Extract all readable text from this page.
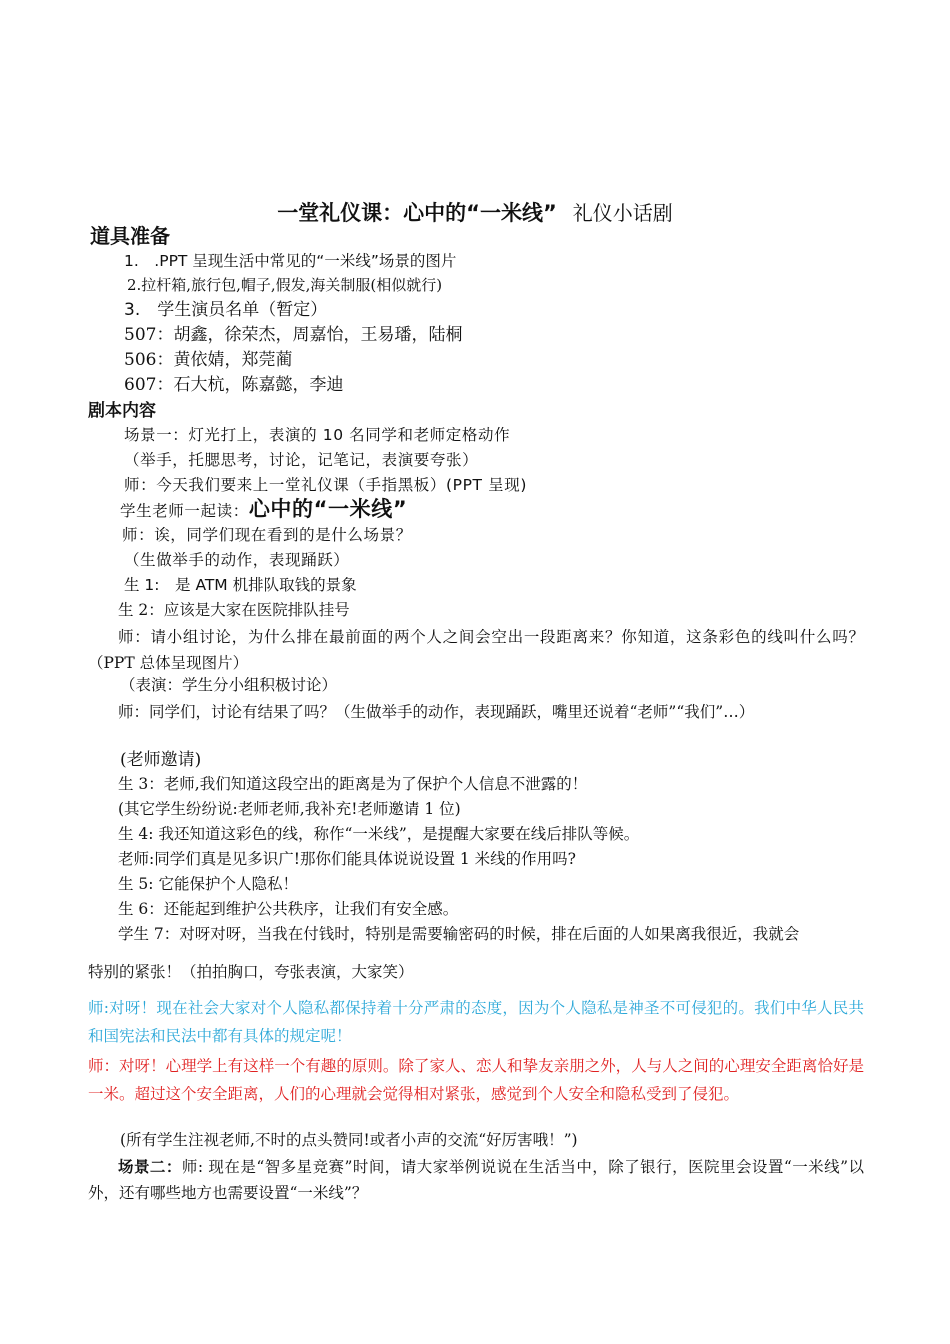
一堂礼仪课：心中的“一米线” 礼仪小话剧
道具准备
1.　.PPT 呈现生活中常见的“一米线”场景的图片
2.拉杆箱,旅行包,帽子,假发,海关制服(相似就行)
3.　学生演员名单（暂定）
507：胡鑫，徐荣杰，周嘉怡，王易璠，陆桐
506：黄依婧，郑莞蔺
607：石大杭，陈嘉懿，李迪
剧本内容
场景一：灯光打上，表演的 10 名同学和老师定格动作
（举手，托腮思考，讨论，记笔记，表演要夸张）
师：今天我们要来上一堂礼仪课（手指黑板）(PPT 呈现)
学生老师一起读：心中的“一米线”
师：诶，同学们现在看到的是什么场景？
（生做举手的动作，表现踊跃）
生 1:　是 ATM 机排队取钱的景象
生 2：应该是大家在医院排队挂号
师：请小组讨论，为什么排在最前面的两个人之间会空出一段距离来？你知道，这条彩色的线叫什么吗？（PPT 总体呈现图片）
（表演：学生分小组积极讨论）
师：同学们，讨论有结果了吗？（生做举手的动作，表现踊跃，嘴里还说着“老师”“我们”…）
(老师邀请)
生 3：老师,我们知道这段空出的距离是为了保护个人信息不泄露的！
(其它学生纷纷说:老师老师,我补充!老师邀请 1 位)
生 4: 我还知道这彩色的线，称作“一米线”，是提醒大家要在线后排队等候。
老师:同学们真是见多识广!那你们能具体说说设置 1 米线的作用吗?
生 5: 它能保护个人隐私！
生 6：还能起到维护公共秩序，让我们有安全感。
学生 7：对呀对呀，当我在付钱时，特别是需要输密码的时候，排在后面的人如果离我很近，我就会
特别的紧张！（拍拍胸口，夸张表演，大家笑）
师:对呀！现在社会大家对个人隐私都保持着十分严肃的态度，因为个人隐私是神圣不可侵犯的。我们中华人民共和国宪法和民法中都有具体的规定呢！
师：对呀！心理学上有这样一个有趣的原则。除了家人、恋人和挚友亲朋之外，人与人之间的心理安全距离恰好是一米。超过这个安全距离，人们的心理就会觉得相对紧张，感觉到个人安全和隐私受到了侵犯。
(所有学生注视老师,不时的点头赞同!或者小声的交流“好厉害哦！”)
场景二：师: 现在是“智多星竞赛”时间，请大家举例说说在生活当中，除了银行，医院里会设置“一米线”以外，还有哪些地方也需要设置“一米线”？
